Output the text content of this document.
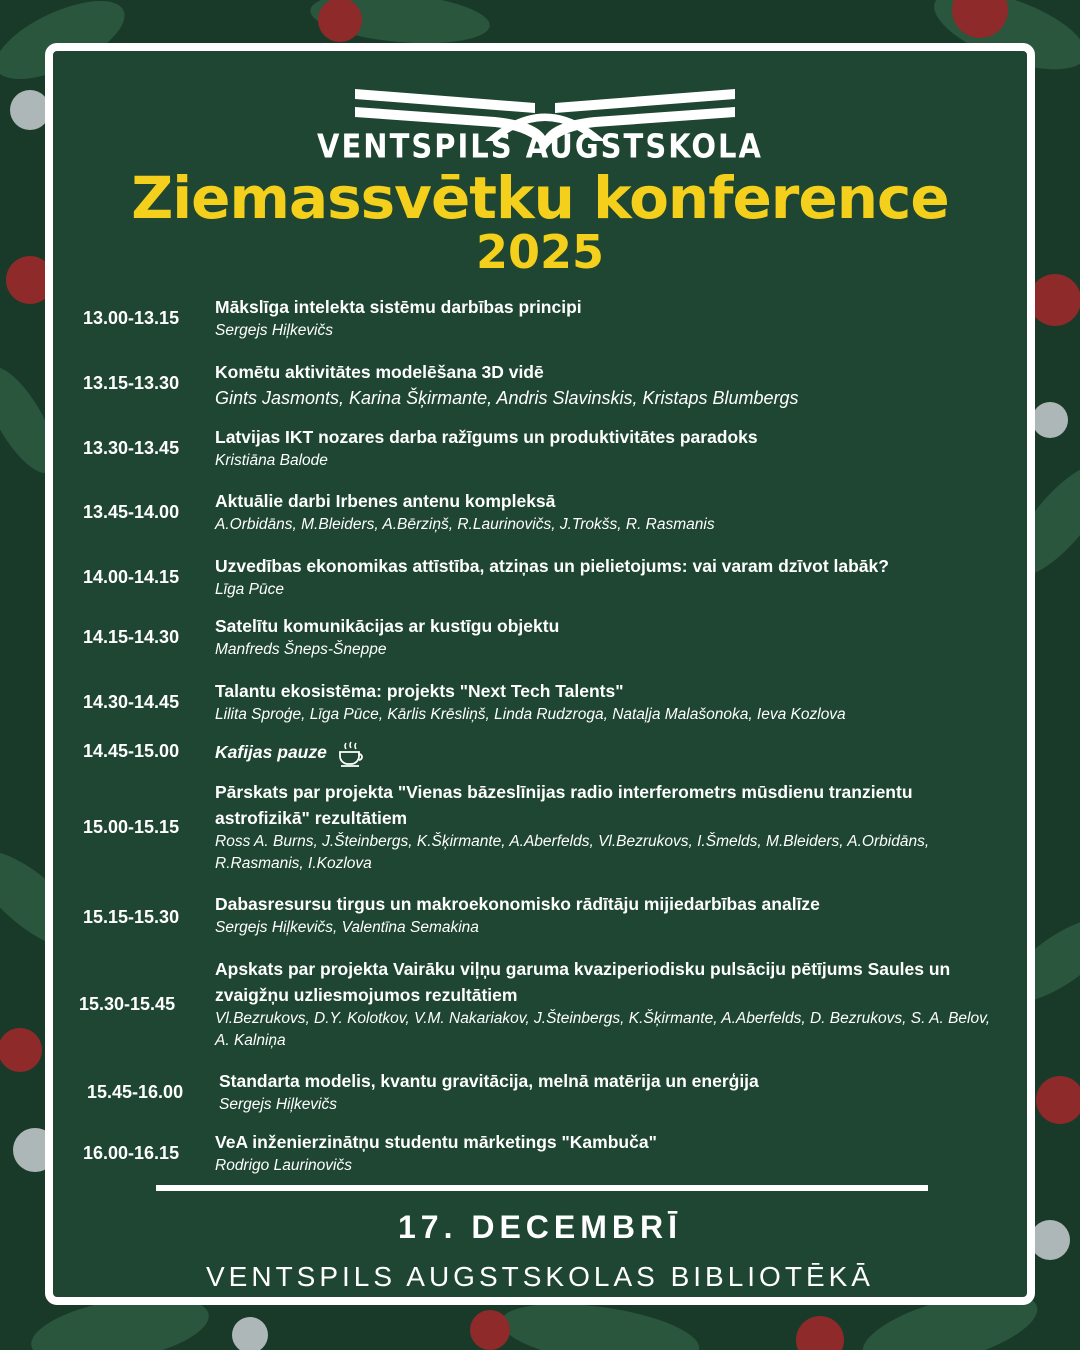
VENTSPILS AUGSTSKOLA
Ziemassvētku konference
2025
13.00-13.15
Mākslīga intelekta sistēmu darbības principi
Sergejs Hiļkevičs
13.15-13.30
Komētu aktivitātes modelēšana 3D vidē
Gints Jasmonts, Karina Šķirmante, Andris Slavinskis, Kristaps Blumbergs
13.30-13.45
Latvijas IKT nozares darba ražīgums un produktivitātes paradoks
Kristiāna Balode
13.45-14.00
Aktuālie darbi Irbenes antenu kompleksā
A.Orbidāns, M.Bleiders, A.Bērziņš, R.Laurinovičs, J.Trokšs, R. Rasmanis
14.00-14.15
Uzvedības ekonomikas attīstība, atziņas un pielietojums: vai varam dzīvot labāk?
Līga Pūce
14.15-14.30
Satelītu komunikācijas ar kustīgu objektu
Manfreds Šneps-Šneppe
14.30-14.45
Talantu ekosistēma: projekts "Next Tech Talents"
Lilita Sproģe, Līga Pūce, Kārlis Krēsliņš, Linda Rudzroga, Nataļja Malašonoka, Ieva Kozlova
14.45-15.00	Kafijas pauze
15.00-15.15
Pārskats par projekta "Vienas bāzeslīnijas radio interferometrs mūsdienu tranzientu astrofizikā" rezultātiem
Ross A. Burns, J.Šteinbergs, K.Šķirmante, A.Aberfelds, Vl.Bezrukovs, I.Šmelds, M.Bleiders, A.Orbidāns, R.Rasmanis, I.Kozlova
15.15-15.30
Dabasresursu tirgus un makroekonomisko rādītāju mijiedarbības analīze
Sergejs Hiļkevičs, Valentīna Semakina
15.30-15.45
Apskats par projekta Vairāku viļņu garuma kvaziperiodisku pulsāciju pētījums Saules un zvaigžņu uzliesmojumos rezultātiem
Vl.Bezrukovs, D.Y. Kolotkov, V.M. Nakariakov, J.Šteinbergs, K.Šķirmante, A.Aberfelds, D. Bezrukovs, S. A. Belov, A. Kalniņa
15.45-16.00
Standarta modelis, kvantu gravitācija, melnā matērija un enerģija
Sergejs Hiļkevičs
16.00-16.15
VeA inženierzinātņu studentu mārketings "Kambuča"
Rodrigo Laurinovičs
17. DECEMBRĪ
VENTSPILS AUGSTSKOLAS BIBLIOTĒKĀ
